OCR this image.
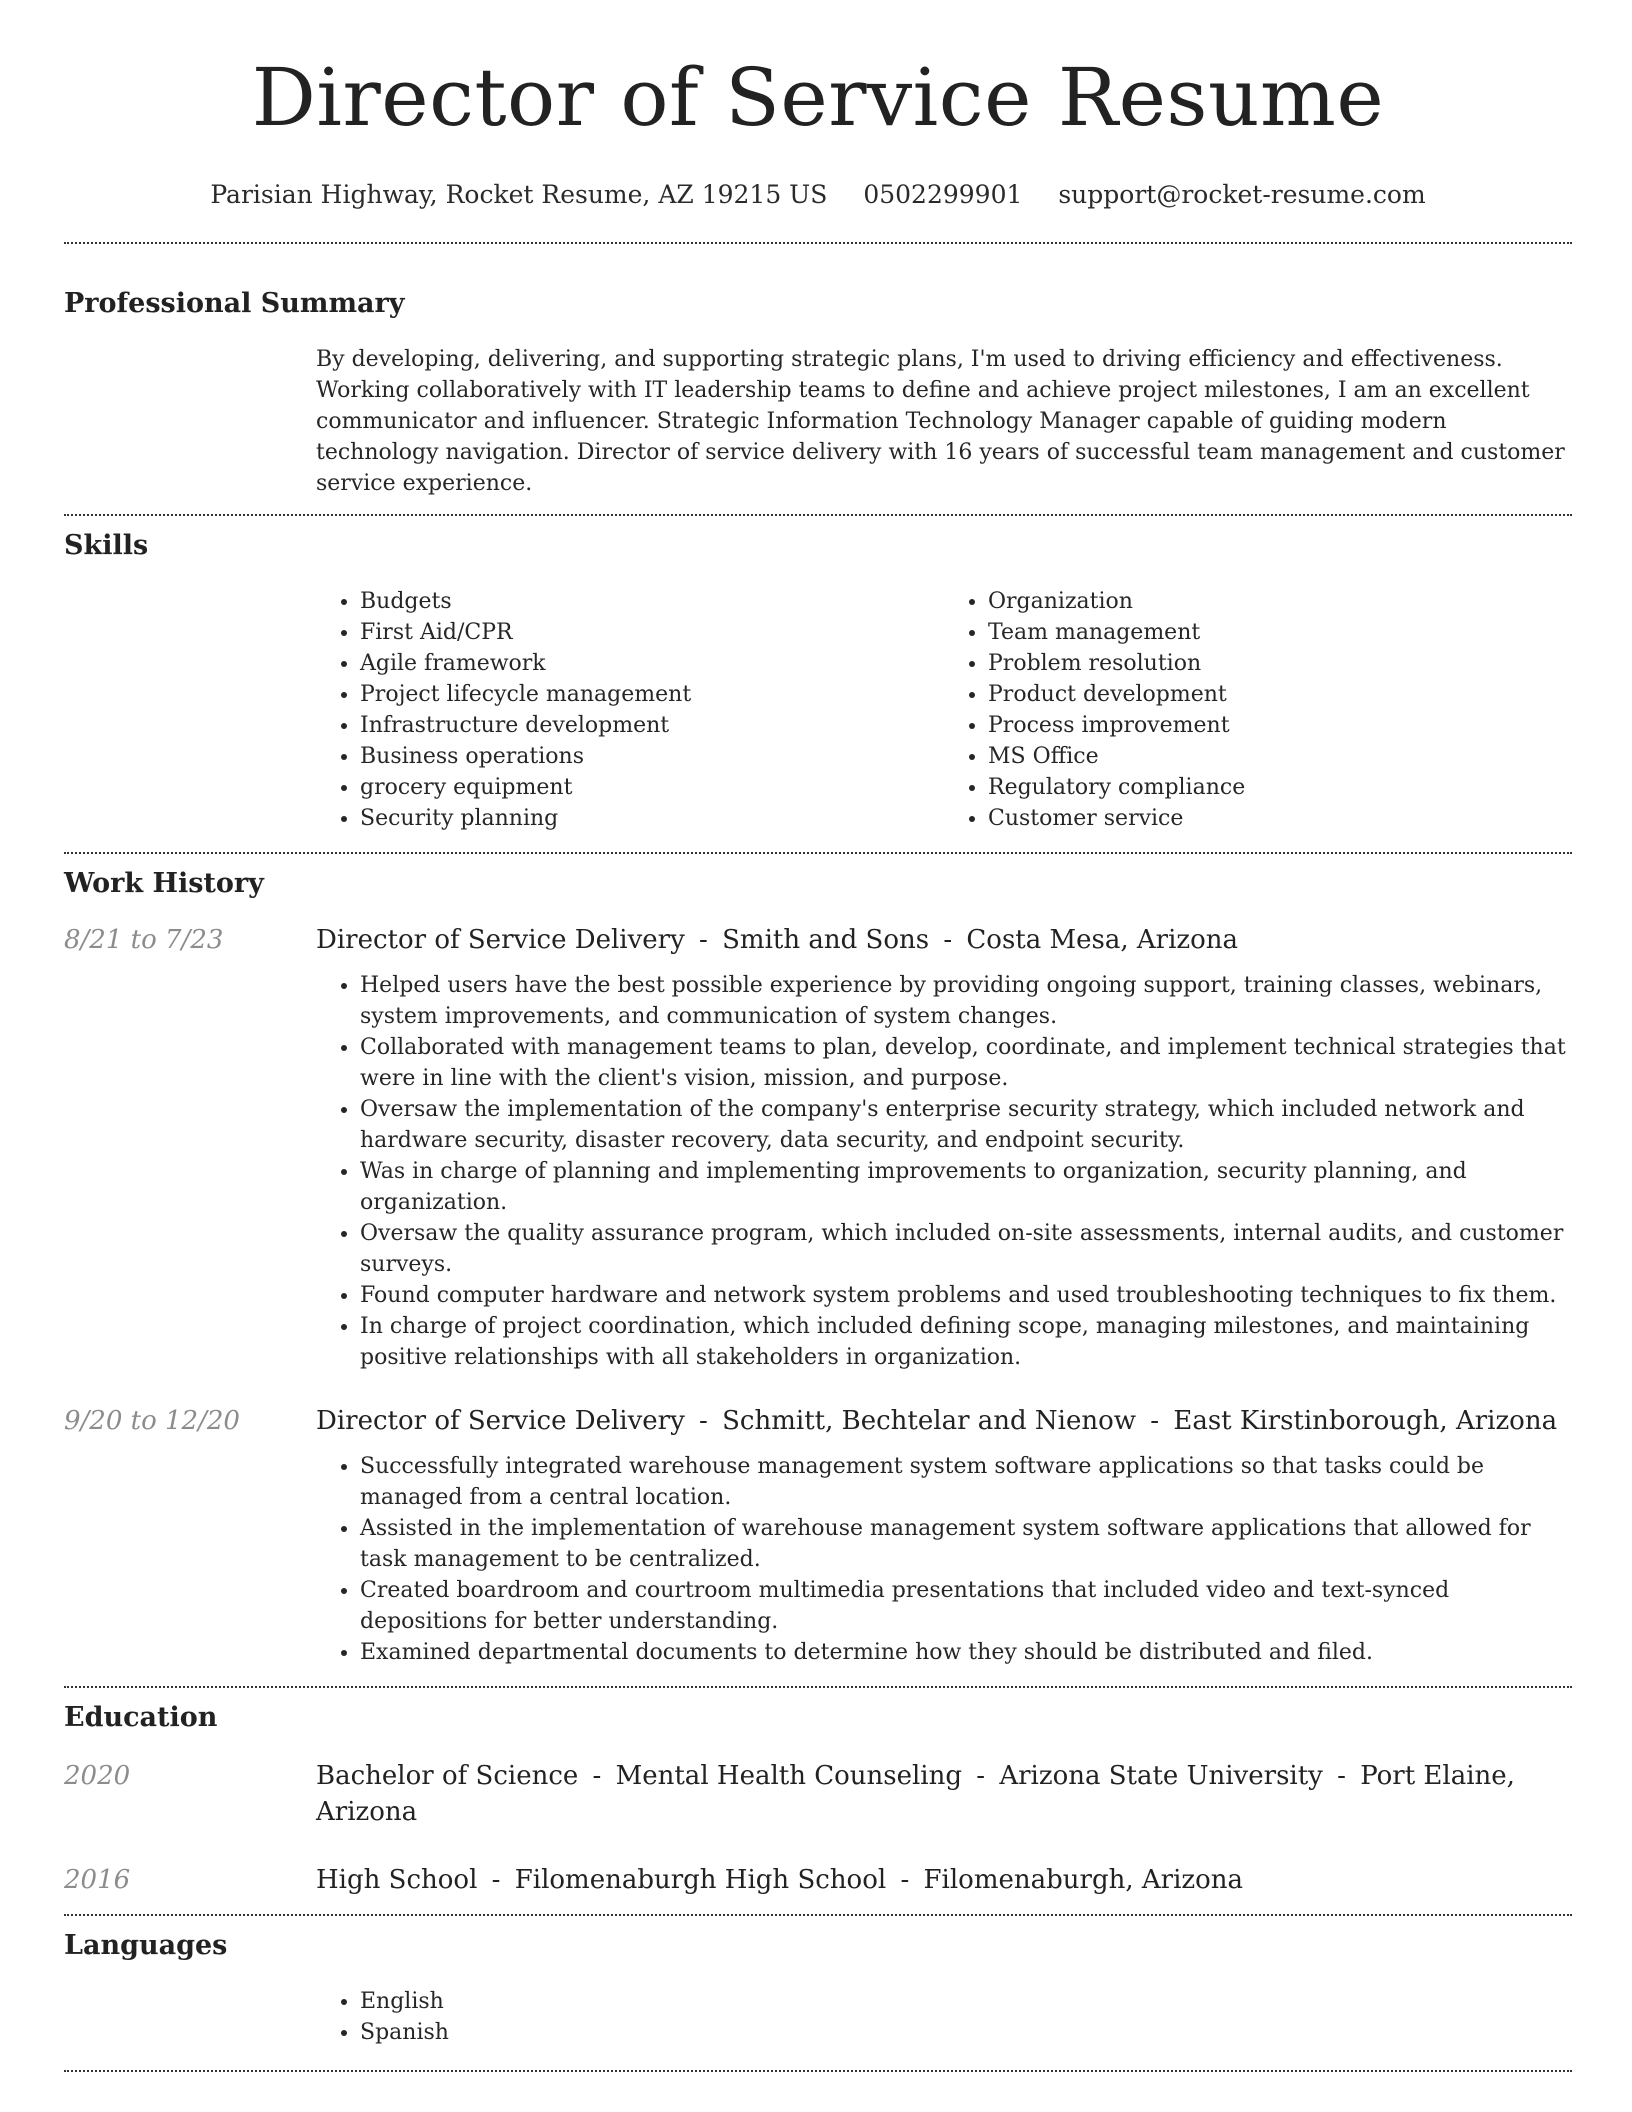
Director of Service Resume
Parisian Highway, Rocket Resume, AZ 19215 US 0502299901 support@rocket-resume.com
Professional Summary

By developing, delivering, and supporting strategic plans, I'm used to driving efficiency and effectiveness. Working collaboratively with IT leadership teams to define and achieve project milestones, I am an excellent communicator and influencer. Strategic Information Technology Manager capable of guiding modern technology navigation. Director of service delivery with 16 years of successful team management and customer service experience.

Skills
• Budgets
• First Aid/CPR
• Agile framework
• Project lifecycle management
• Infrastructure development
• Business operations
• grocery equipment
• Security planning
• Organization
• Team management
• Problem resolution
• Product development
• Process improvement
• MS Office
• Regulatory compliance
• Customer service
Work History
8/21 to 7/23	Director of Service Delivery - Smith and Sons - Costa Mesa, Arizona
• Helped users have the best possible experience by providing ongoing support, training classes, webinars, system improvements, and communication of system changes.
• Collaborated with management teams to plan, develop, coordinate, and implement technical strategies that were in line with the client's vision, mission, and purpose.
• Oversaw the implementation of the company's enterprise security strategy, which included network and hardware security, disaster recovery, data security, and endpoint security.
• Was in charge of planning and implementing improvements to organization, security planning, and organization.
• Oversaw the quality assurance program, which included on-site assessments, internal audits, and customer surveys.
• Found computer hardware and network system problems and used troubleshooting techniques to fix them.
• In charge of project coordination, which included defining scope, managing milestones, and maintaining positive relationships with all stakeholders in organization.
9/20 to 12/20	Director of Service Delivery - Schmitt, Bechtelar and Nienow - East Kirstinborough, Arizona
• Successfully integrated warehouse management system software applications so that tasks could be managed from a central location.
• Assisted in the implementation of warehouse management system software applications that allowed for task management to be centralized.
• Created boardroom and courtroom multimedia presentations that included video and text-synced depositions for better understanding.
• Examined departmental documents to determine how they should be distributed and filed.
Education
2020	Bachelor of Science - Mental Health Counseling - Arizona State University - Port Elaine, Arizona
2016	High School - Filomenaburgh High School - Filomenaburgh, Arizona
Languages
• English
• Spanish
